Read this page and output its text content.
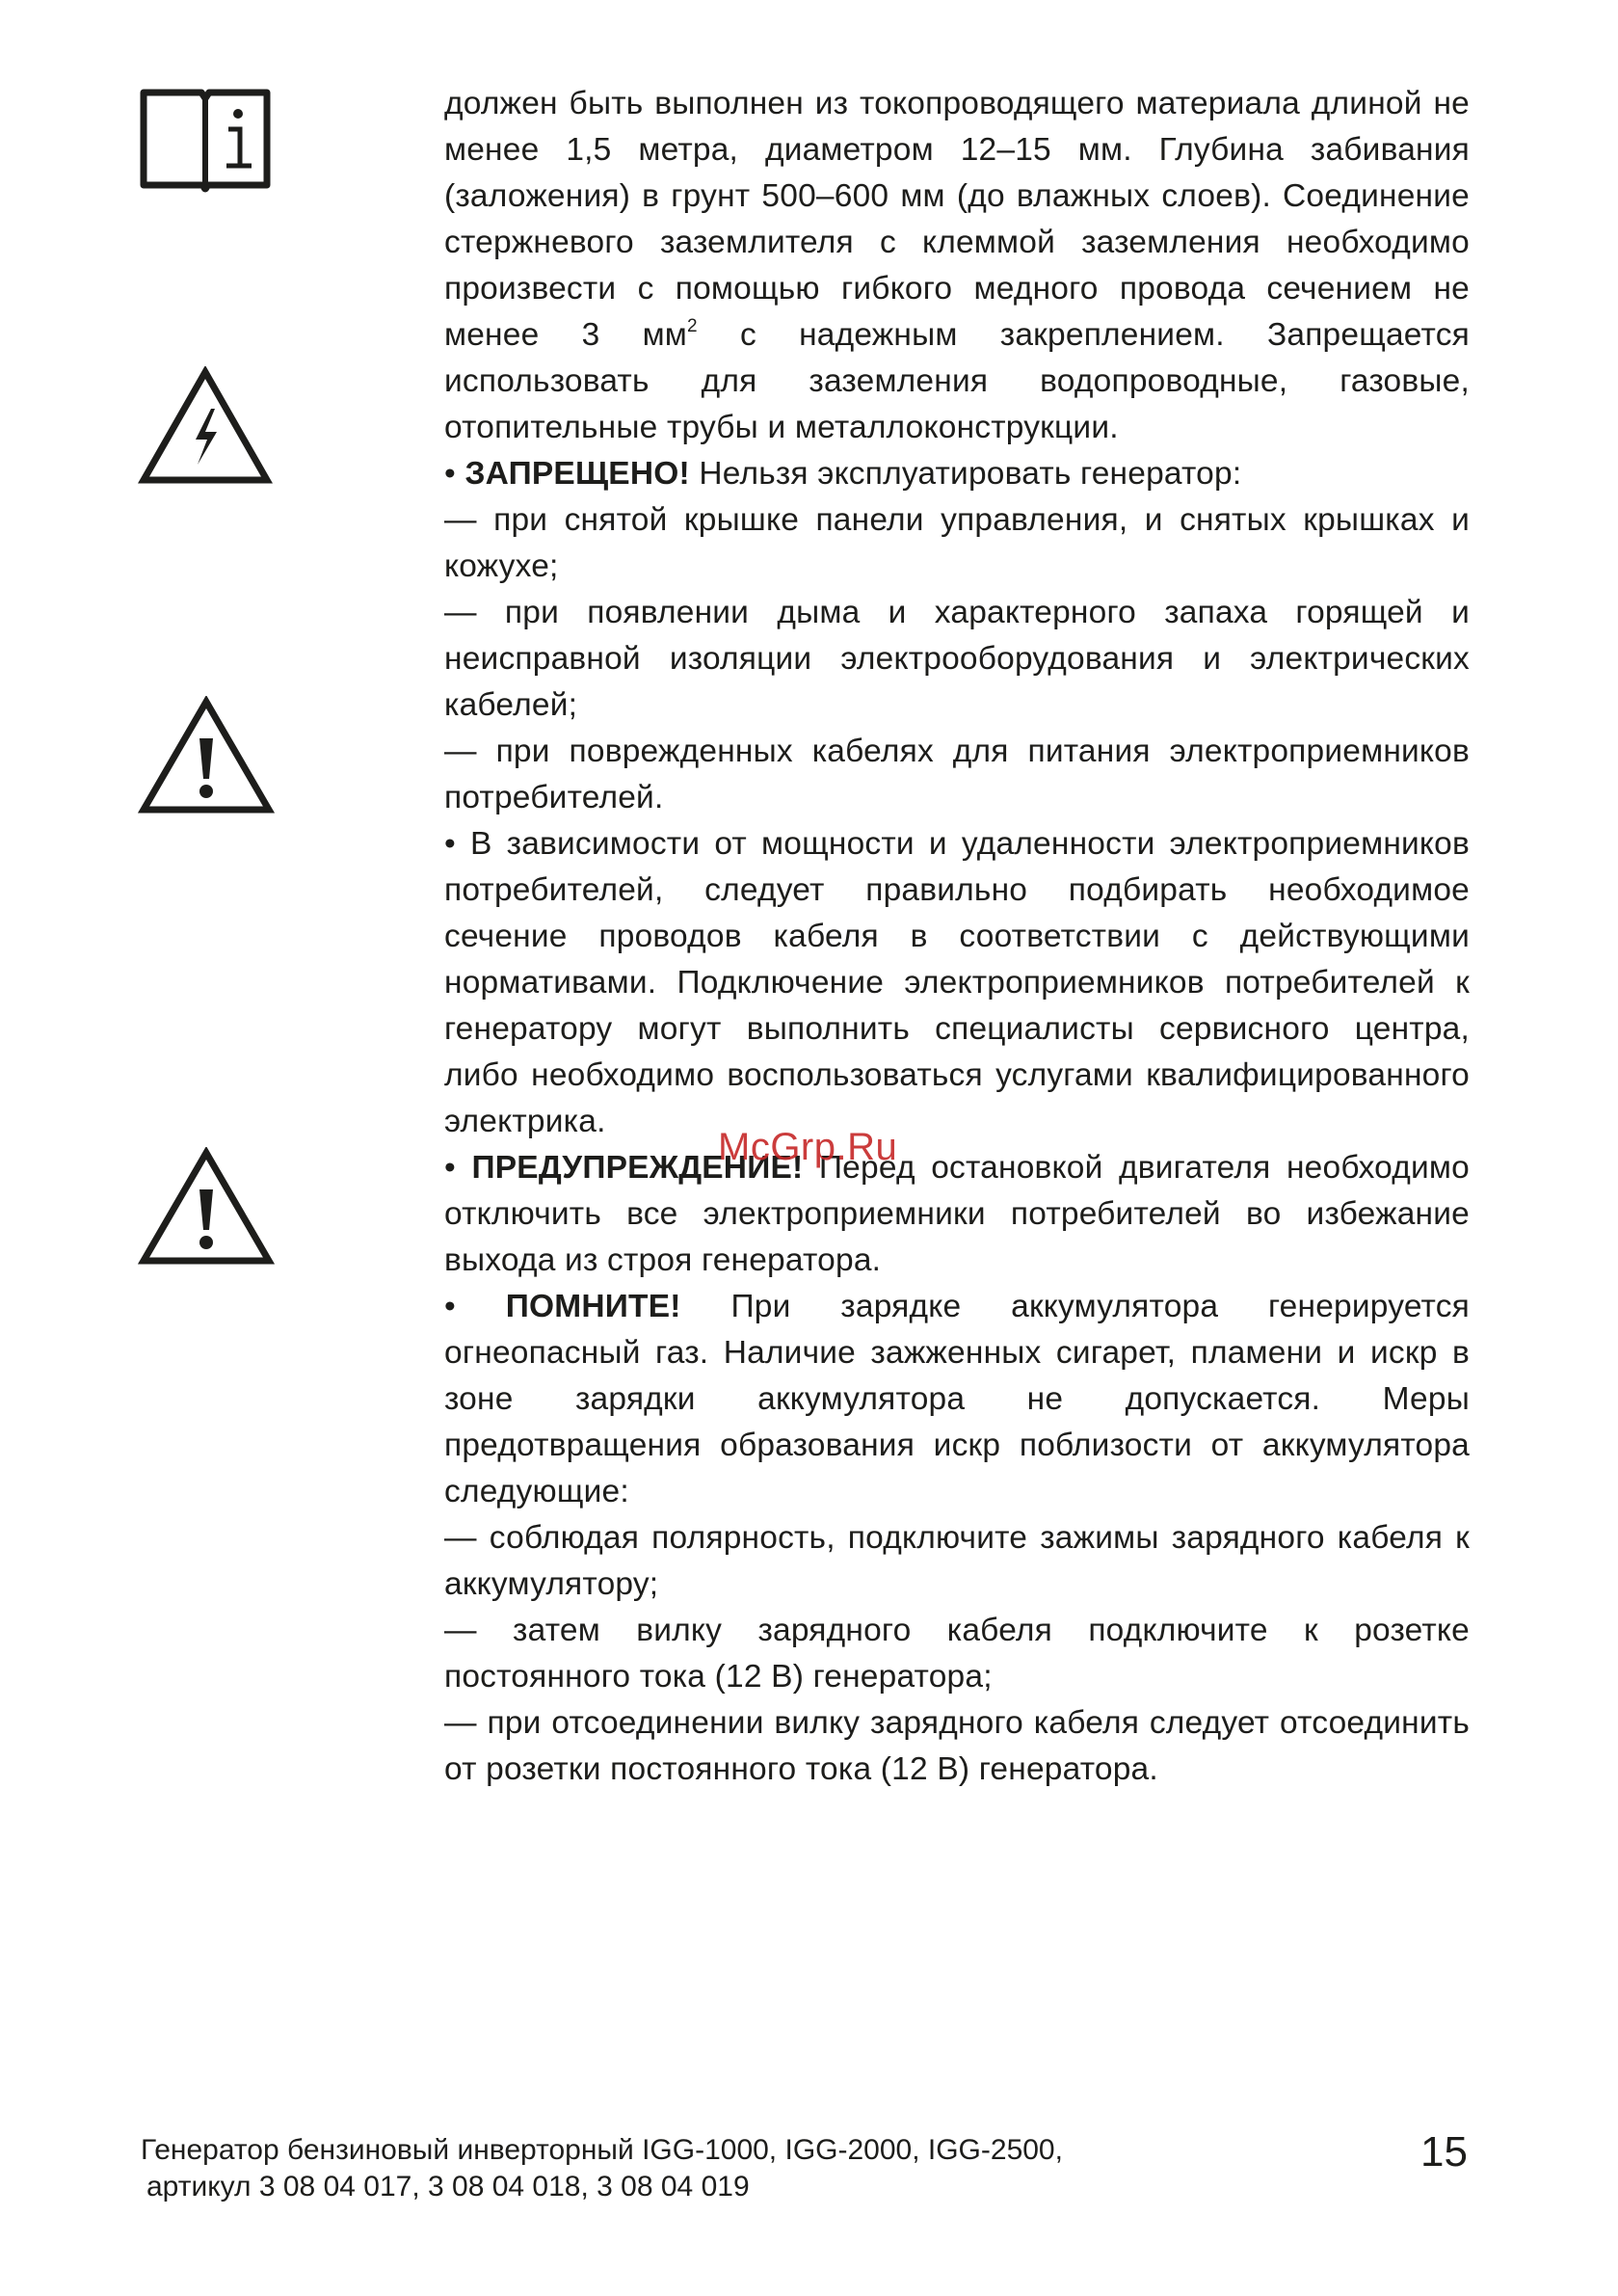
должен быть выполнен из токопроводящего материала длиной не менее 1,5 метра, диаметром 12–15 мм. Глубина забивания (заложения) в грунт 500–600 мм (до влажных слоев). Соединение стержневого заземлителя с клеммой заземления необходимо произвести с помощью гибкого медного провода сечением не менее 3 $мм^2$ с надежным закреплением. Запрещается использовать для заземления водопроводные, газовые, отопительные трубы и металлоконструкции.

• ЗАПРЕЩЕНО! Нельзя эксплуатировать генератор:

— при снятой крышке панели управления, и снятых крышках и кожухе;

— при появлении дыма и характерного запаха горящей и неисправной изоляции электрооборудования и электрических кабелей;

— при поврежденных кабелях для питания электроприемников потребителей.

• В зависимости от мощности и удаленности электроприемников потребителей, следует правильно подбирать необходимое сечение проводов кабеля в соответствии с действующими нормативами. Подключение электроприемников потребителей к генератору могут выполнить специалисты сервисного центра, либо необходимо воспользоваться услугами квалифицированного электрика.

• ПРЕДУПРЕЖДЕНИЕ! Перед остановкой двигателя необходимо отключить все электроприемники потребителей во избежание выхода из строя генератора.

• ПОМНИТЕ! При зарядке аккумулятора генерируется огнеопасный газ. Наличие зажженных сигарет, пламени и искр в зоне зарядки аккумулятора не допускается. Меры предотвращения образования искр поблизости от аккумулятора следующие:

— соблюдая полярность, подключите зажимы зарядного кабеля к аккумулятору;

— затем вилку зарядного кабеля подключите к розетке постоянного тока (12 В) генератора;

— при отсоединении вилку зарядного кабеля следует отсоединить от розетки постоянного тока (12 В) генератора.

McGrp.Ru
Генератор бензиновый инверторный IGG-1000, IGG-2000, IGG-2500,
артикул 3 08 04 017, 3 08 04 018, 3 08 04 019
15
